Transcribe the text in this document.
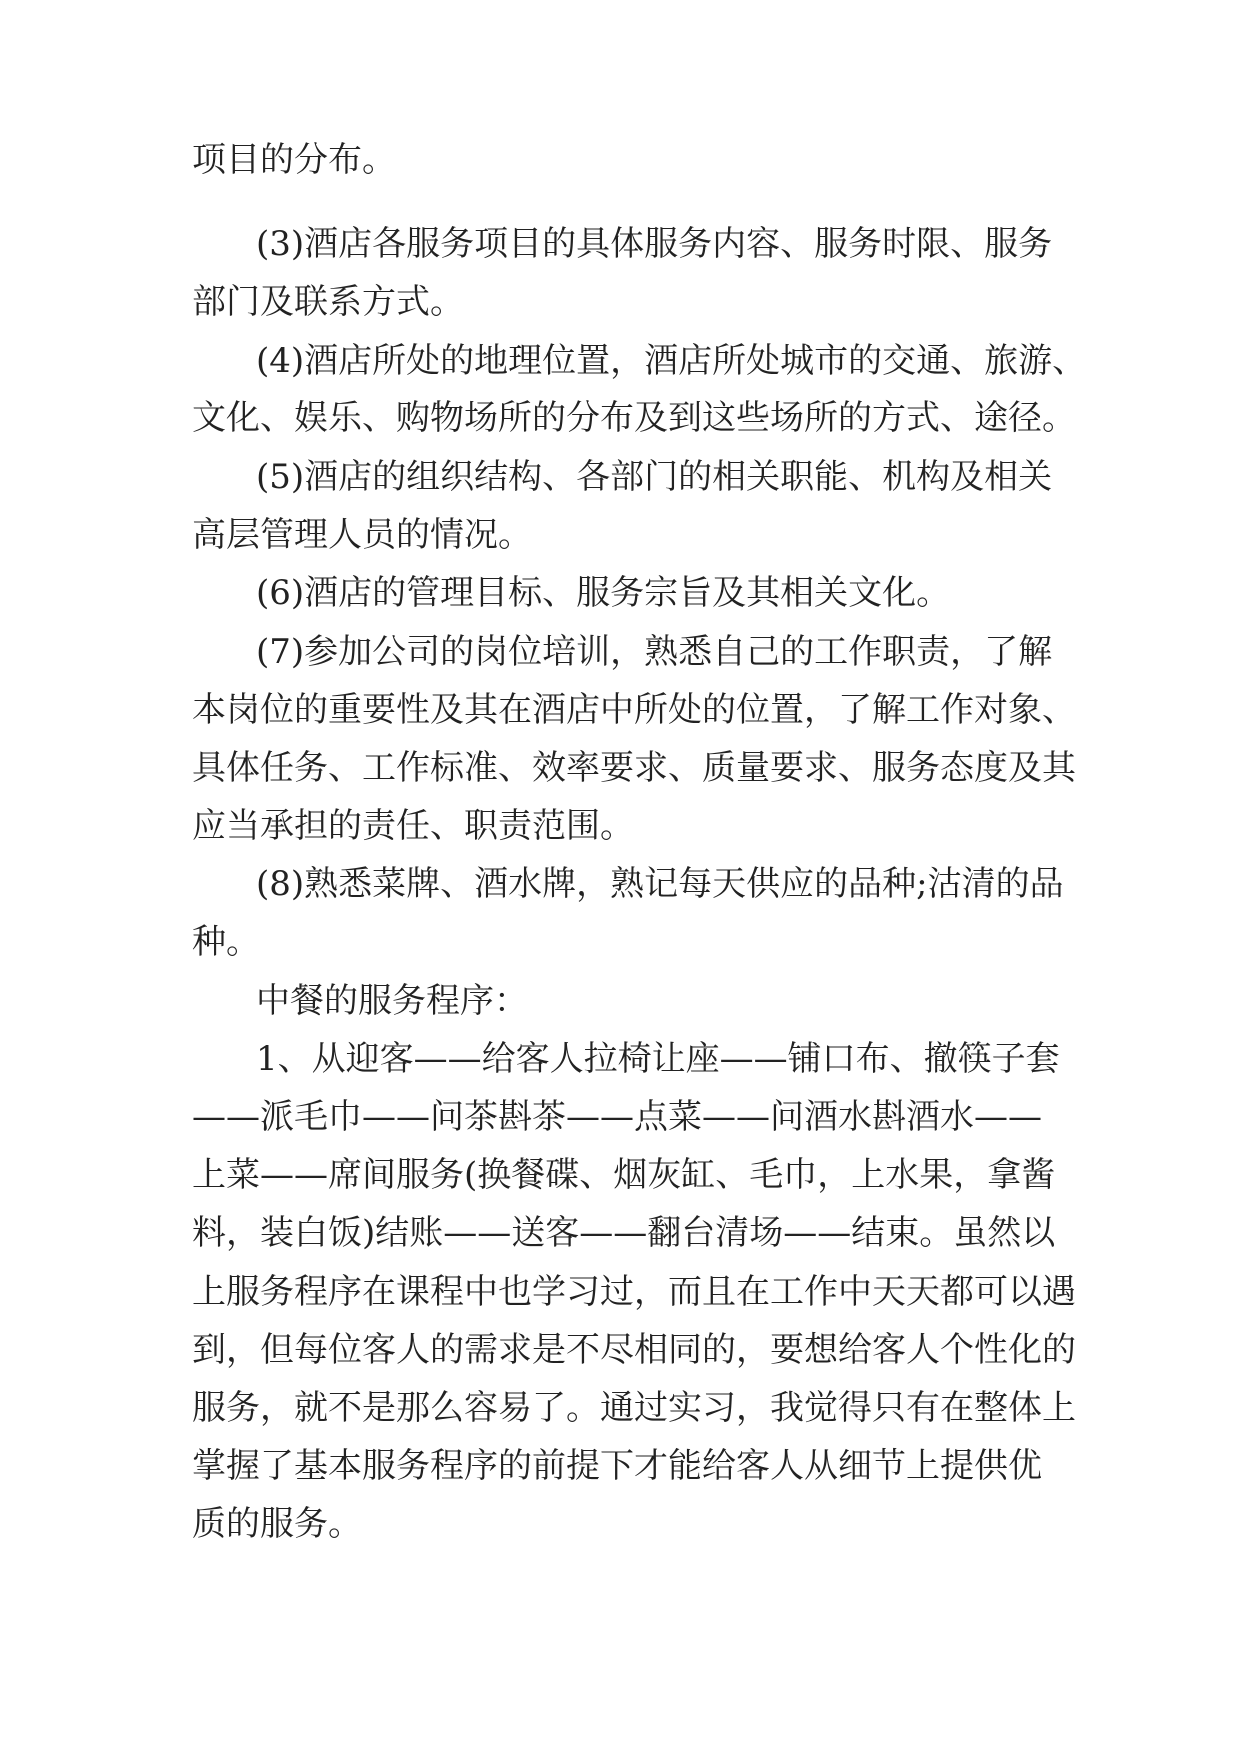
项目的分布。
(3)酒店各服务项目的具体服务内容、服务时限、服务
部门及联系方式。
(4)酒店所处的地理位置，酒店所处城市的交通、旅游、
文化、娱乐、购物场所的分布及到这些场所的方式、途径。
(5)酒店的组织结构、各部门的相关职能、机构及相关
高层管理人员的情况。
(6)酒店的管理目标、服务宗旨及其相关文化。
(7)参加公司的岗位培训，熟悉自己的工作职责，了解
本岗位的重要性及其在酒店中所处的位置，了解工作对象、
具体任务、工作标准、效率要求、质量要求、服务态度及其
应当承担的责任、职责范围。
(8)熟悉菜牌、酒水牌，熟记每天供应的品种;沽清的品
种。
中餐的服务程序：
1、从迎客——给客人拉椅让座——铺口布、撤筷子套
——派毛巾——问茶斟茶——点菜——问酒水斟酒水——
上菜——席间服务(换餐碟、烟灰缸、毛巾，上水果，拿酱
料，装白饭)结账——送客——翻台清场——结束。虽然以
上服务程序在课程中也学习过，而且在工作中天天都可以遇
到，但每位客人的需求是不尽相同的，要想给客人个性化的
服务，就不是那么容易了。通过实习，我觉得只有在整体上
掌握了基本服务程序的前提下才能给客人从细节上提供优
质的服务。
